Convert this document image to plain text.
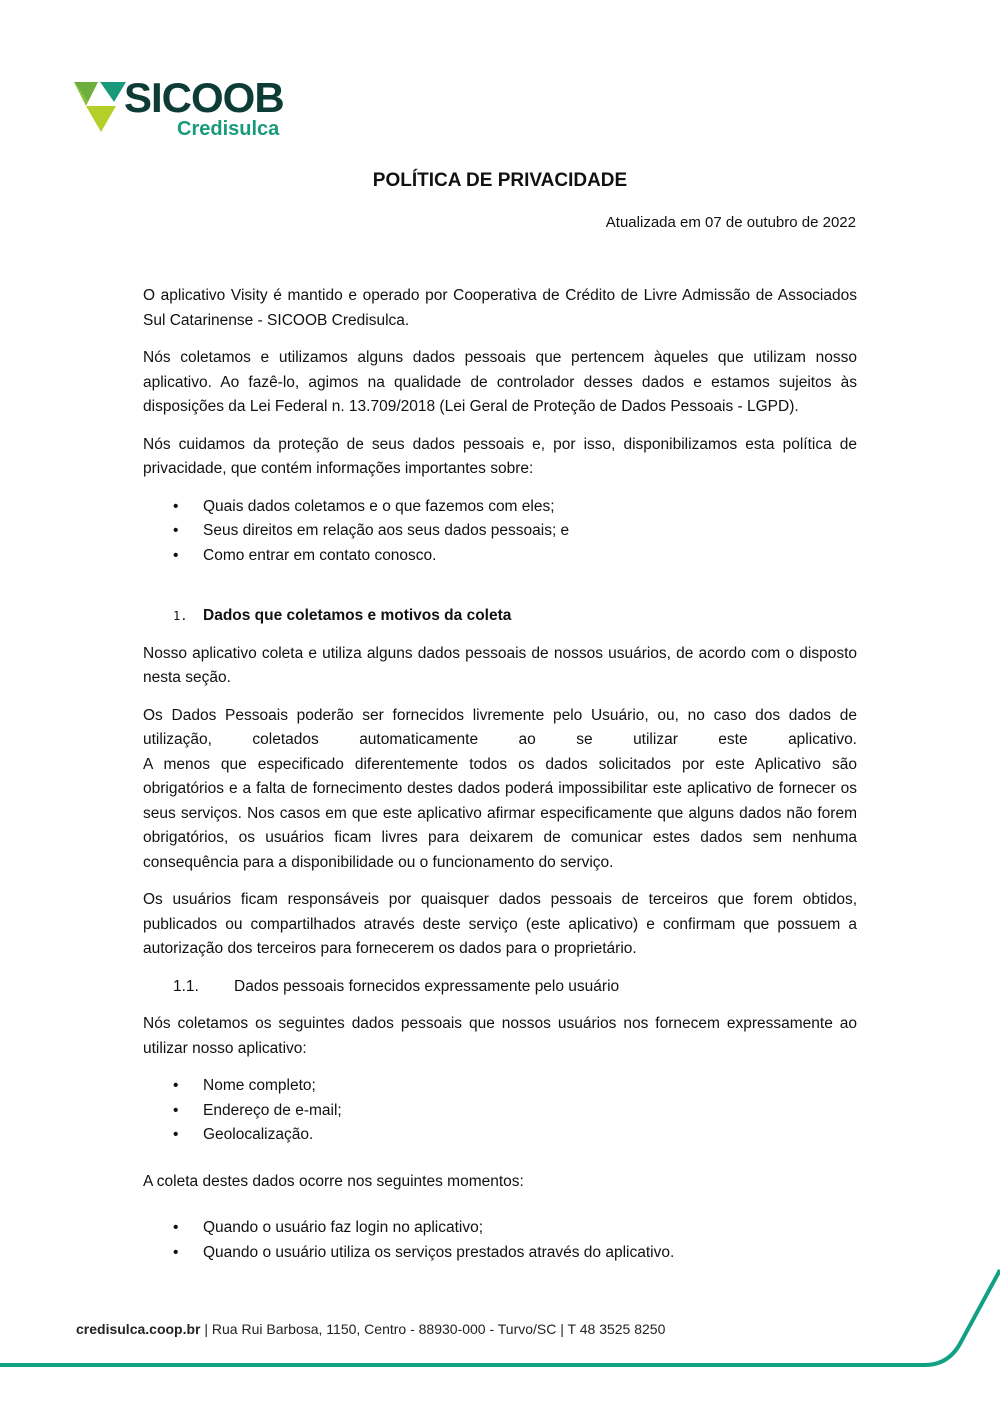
SICOOB
Credisulca
POLÍTICA DE PRIVACIDADE
Atualizada em 07 de outubro de 2022

O aplicativo Visity é mantido e operado por Cooperativa de Crédito de Livre Admissão de Associados Sul Catarinense - SICOOB Credisulca.

Nós coletamos e utilizamos alguns dados pessoais que pertencem àqueles que utilizam nosso aplicativo. Ao fazê-lo, agimos na qualidade de controlador desses dados e estamos sujeitos às disposições da Lei Federal n. 13.709/2018 (Lei Geral de Proteção de Dados Pessoais - LGPD).

Nós cuidamos da proteção de seus dados pessoais e, por isso, disponibilizamos esta política de privacidade, que contém informações importantes sobre:

• Quais dados coletamos e o que fazemos com eles;
• Seus direitos em relação aos seus dados pessoais; e
• Como entrar em contato conosco.
1.	Dados que coletamos e motivos da coleta

Nosso aplicativo coleta e utiliza alguns dados pessoais de nossos usuários, de acordo com o disposto nesta seção.

Os Dados Pessoais poderão ser fornecidos livremente pelo Usuário, ou, no caso dos dados de utilização, coletados automaticamente ao se utilizar este aplicativo.

A menos que especificado diferentemente todos os dados solicitados por este Aplicativo são obrigatórios e a falta de fornecimento destes dados poderá impossibilitar este aplicativo de fornecer os seus serviços. Nos casos em que este aplicativo afirmar especificamente que alguns dados não forem obrigatórios, os usuários ficam livres para deixarem de comunicar estes dados sem nenhuma consequência para a disponibilidade ou o funcionamento do serviço.

Os usuários ficam responsáveis por quaisquer dados pessoais de terceiros que forem obtidos, publicados ou compartilhados através deste serviço (este aplicativo) e confirmam que possuem a autorização dos terceiros para fornecerem os dados para o proprietário.

1.1.	Dados pessoais fornecidos expressamente pelo usuário

Nós coletamos os seguintes dados pessoais que nossos usuários nos fornecem expressamente ao utilizar nosso aplicativo:

• Nome completo;
• Endereço de e-mail;
• Geolocalização.

A coleta destes dados ocorre nos seguintes momentos:

• Quando o usuário faz login no aplicativo;
• Quando o usuário utiliza os serviços prestados através do aplicativo.
credisulca.coop.br | Rua Rui Barbosa, 1150, Centro - 88930-000 - Turvo/SC | T 48 3525 8250
